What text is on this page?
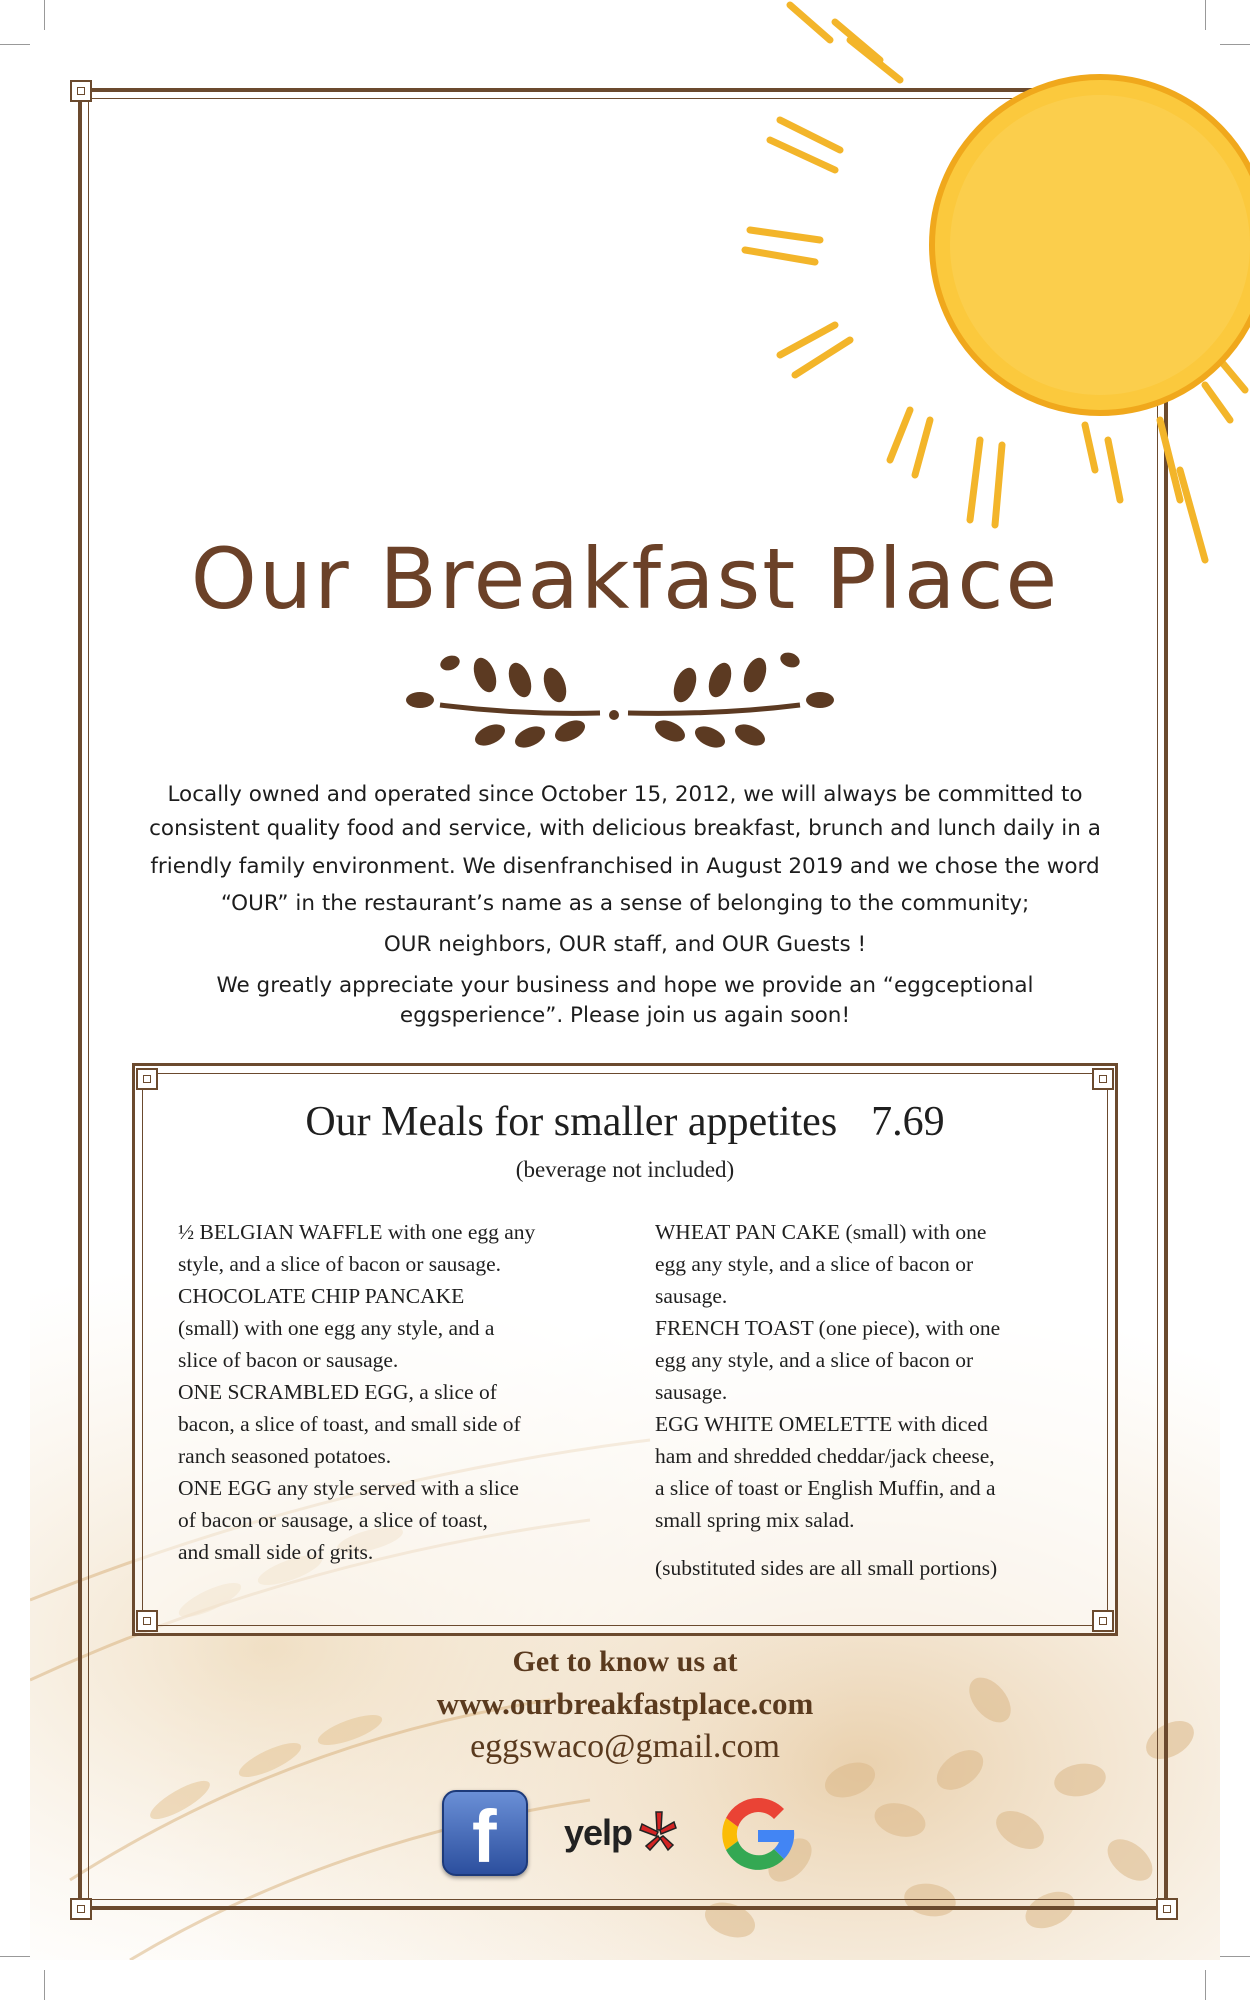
Our Breakfast Place
Locally owned and operated since October 15, 2012, we will always be committed to
consistent quality food and service, with delicious breakfast, brunch and lunch daily in a
friendly family environment. We disenfranchised in August 2019 and we chose the word
“OUR” in the restaurant’s name as a sense of belonging to the community;
OUR neighbors, OUR staff, and OUR Guests !
We greatly appreciate your business and hope we provide an “eggceptional
eggsperience”. Please join us again soon!
Our Meals for smaller appetites 7.69
(beverage not included)

½ BELGIAN WAFFLE with one egg any

style, and a slice of bacon or sausage.

CHOCOLATE CHIP PANCAKE

(small) with one egg any style, and a

slice of bacon or sausage.

ONE SCRAMBLED EGG, a slice of

bacon, a slice of toast, and small side of

ranch seasoned potatoes.

ONE EGG any style served with a slice

of bacon or sausage, a slice of toast,

and small side of grits.

WHEAT PAN CAKE (small) with one

egg any style, and a slice of bacon or

sausage.

FRENCH TOAST (one piece), with one

egg any style, and a slice of bacon or

sausage.

EGG WHITE OMELETTE with diced

ham and shredded cheddar/jack cheese,

a slice of toast or English Muffin, and a

small spring mix salad.

(substituted sides are all small portions)

Get to know us at
www.ourbreakfastplace.com
eggswaco@gmail.com
f yelp
